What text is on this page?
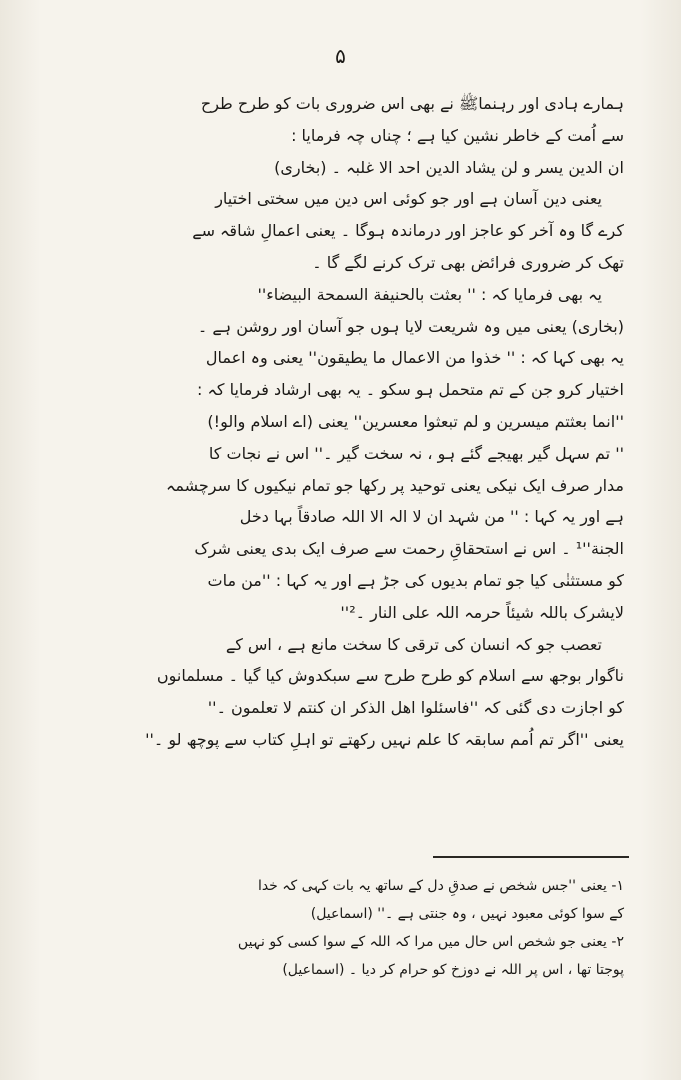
۵

ہمارے ہادی اور رہنماﷺ نے بھی اس ضروری بات کو طرح طرح

سے اُمت کے خاطر نشین کیا ہے ؛ چناں چہ فرمایا :

ان الدین یسر و لن یشاد الدین احد الا غلبہ ۔ (بخاری)

یعنی دین آسان ہے اور جو کوئی اس دین میں سختی اختیار

کرے گا وہ آخر کو عاجز اور درماندہ ہوگا ۔ یعنی اعمالِ شاقہ سے

تھک کر ضروری فرائض بھی ترک کرنے لگے گا ۔

یہ بھی فرمایا کہ : '' بعثت بالحنیفة السمحة البیضاء''

(بخاری) یعنی میں وہ شریعت لایا ہوں جو آسان اور روشن ہے ۔

یہ بھی کہا کہ : '' خذوا من الاعمال ما یطیقون'' یعنی وہ اعمال

اختیار کرو جن کے تم متحمل ہو سکو ۔ یہ بھی ارشاد فرمایا کہ :

''انما بعثتم میسرین و لم تبعثوا معسرین'' یعنی (اے اسلام والو!)

'' تم سہل گیر بھیجے گئے ہو ، نہ سخت گیر ۔'' اس نے نجات کا

مدار صرف ایک نیکی یعنی توحید پر رکھا جو تمام نیکیوں کا سرچشمہ

ہے اور یہ کہا : '' من شہد ان لا الہ الا اللہ صادقاً بہا دخل

الجنة''¹ ۔ اس نے استحقاقِ رحمت سے صرف ایک بدی یعنی شرک

کو مستثنٰی کیا جو تمام بدیوں کی جڑ ہے اور یہ کہا : ''من مات

لایشرک باللہ شیئاً حرمہ اللہ علی النار ۔²''

تعصب جو کہ انسان کی ترقی کا سخت مانع ہے ، اس کے

ناگوار بوجھ سے اسلام کو طرح طرح سے سبکدوش کیا گیا ۔ مسلمانوں

کو اجازت دی گئی کہ ''فاسئلوا اهل الذکر ان کنتم لا تعلمون ۔''

یعنی ''اگر تم اُمم سابقہ کا علم نہیں رکھتے تو اہلِ کتاب سے پوچھ لو ۔''

۱- یعنی ''جس شخص نے صدقِ دل کے ساتھ یہ بات کہی کہ خدا

کے سوا کوئی معبود نہیں ، وہ جنتی ہے ۔'' (اسماعیل)

۲- یعنی جو شخص اس حال میں مرا کہ اللہ کے سوا کسی کو نہیں

پوجتا تھا ، اس پر اللہ نے دوزخ کو حرام کر دیا ۔ (اسماعیل)
